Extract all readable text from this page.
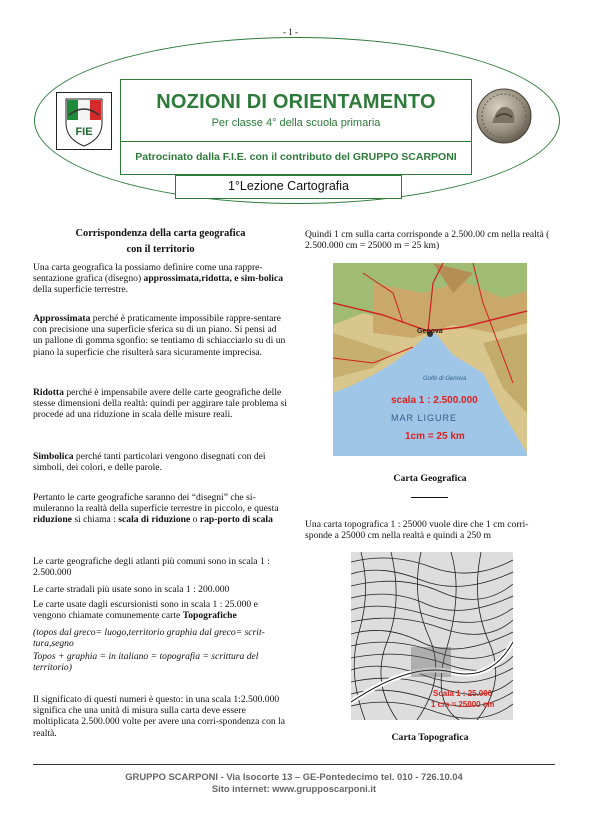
- 1 -
FIE
NOZIONI DI ORIENTAMENTO
Per classe 4° della scuola primaria
Patrocinato dalla F.I.E. con il contributo del GRUPPO SCARPONI
1°Lezione Cartografia
Corrispondenza della carta geografica
con il territorio
Una carta geografica la possiamo definire come una rappre-sentazione grafica (disegno) approssimata,ridotta, e sim-bolica della superficie terrestre.
Approssimata perché è praticamente impossibile rappre-sentare con precisione una superficie sferica su di un piano. Si pensi ad un pallone di gomma sgonfio: se tentiamo di schiacciarlo su di un piano la superficie che risulterà sara sicuramente imprecisa.
Ridotta perché è impensabile avere delle carte geografiche delle stesse dimensioni della realtà: quindi per aggirare tale problema si procede ad una riduzione in scala delle misure reali.
Simbolica perché tanti particolari vengono disegnati con dei simboli, dei colori, e delle parole.
Pertanto le carte geografiche saranno dei “disegni” che si-muleranno la realtà della superficie terrestre in piccolo, e questa riduzione si chiama : scala di riduzione o rap-porto di scala
Le carte geografiche degli atlanti più comuni sono in scala 1 : 2.500.000
Le carte stradali più usate sono in scala 1 : 200.000
Le carte usate dagli escursionisti sono in scala 1 : 25.000 e vengono chiamate comunemente carte Topografiche
(topos dal greco= luogo,territorio graphia dal greco= scrit-tura,segno
Topos + graphia = in italiano = topografia = scrittura del territorio)
Il significato di questi numeri è questo: in una scala 1:2.500.000 significa che una unità di misura sulla carta deve essere moltiplicata 2.500.000 volte per avere una corri-spondenza con la realtà.
Quindi 1 cm sulla carta corrisponde a 2.500.00 cm nella realtà ( 2.500.000 cm = 25000 m = 25 km)
Genova
Golfo di Genova
MAR LIGURE
scala 1 : 2.500.000
1cm = 25 km
Carta Geografica
Una carta topografica 1 : 25000 vuole dire che 1 cm corri-sponde a 25000 cm nella realtà e quindi a 250 m
Scala 1 : 25.000
1 cm = 25000 cm
Carta Topografica
GRUPPO SCARPONI - Via Isocorte 13 – GE-Pontedecimo tel. 010 - 726.10.04
Sito internet: www.grupposcarponi.it
